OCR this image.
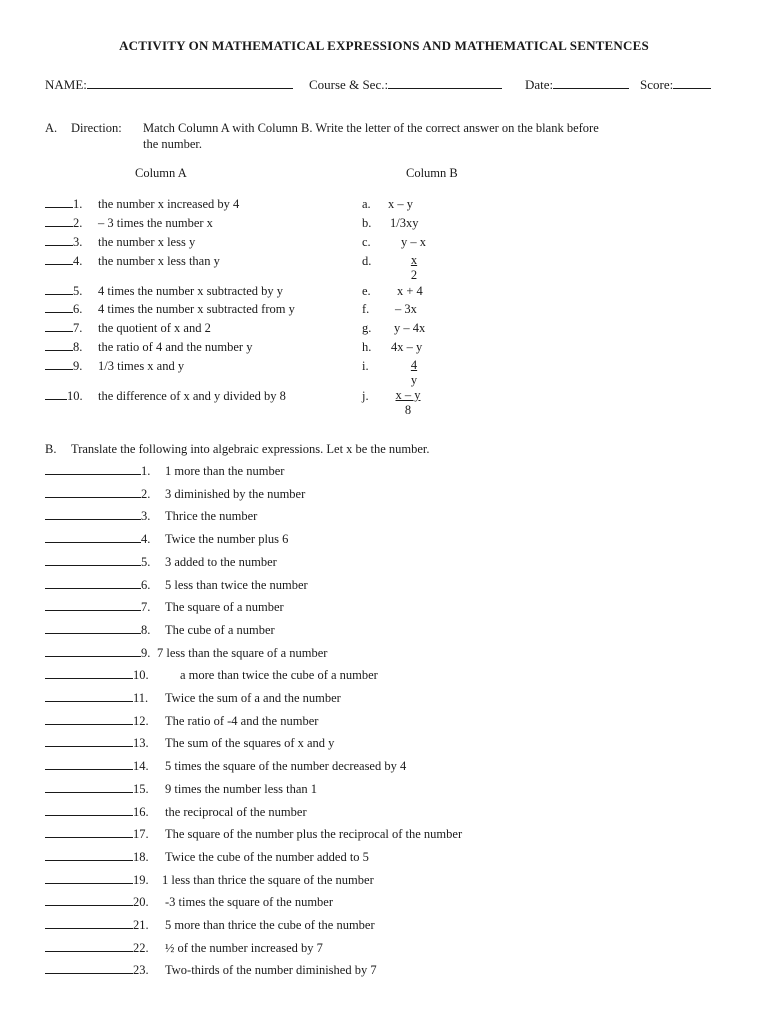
ACTIVITY ON MATHEMATICAL EXPRESSIONS AND MATHEMATICAL SENTENCES
NAME:	Course & Sec.:	Date:	Score:
A. Direction: Match Column A with Column B. Write the letter of the correct answer on the blank before
the number.
Column A	Column B
1. the number x increased by 4	a. x – y
2. – 3 times the number x	b. 1/3xy
3. the number x less y	c. y – x
4. the number x less than y	d.	x
2
5. 4 times the number x subtracted by y	e. x + 4
6. 4 times the number x subtracted from y	f. – 3x
7. the quotient of x and 2	g. y – 4x
8. the ratio of 4 and the number y	h. 4x – y
9. 1/3 times x and y	i.	4
y
10. the difference of x and y divided by 8	j.	x – y
8
B. Translate the following into algebraic expressions. Let x be the number.
1. 1 more than the number
2. 3 diminished by the number
3. Thrice the number
4. Twice the number plus 6
5. 3 added to the number
6. 5 less than twice the number
7. The square of a number
8. The cube of a number
9. 7 less than the square of a number
10.	a more than twice the cube of a number
11. Twice the sum of a and the number
12. The ratio of -4 and the number
13. The sum of the squares of x and y
14. 5 times the square of the number decreased by 4
15. 9 times the number less than 1
16. the reciprocal of the number
17. The square of the number plus the reciprocal of the number
18. Twice the cube of the number added to 5
19. 1 less than thrice the square of the number
20. -3 times the square of the number
21. 5 more than thrice the cube of the number
22. ½ of the number increased by 7
23. Two-thirds of the number diminished by 7
